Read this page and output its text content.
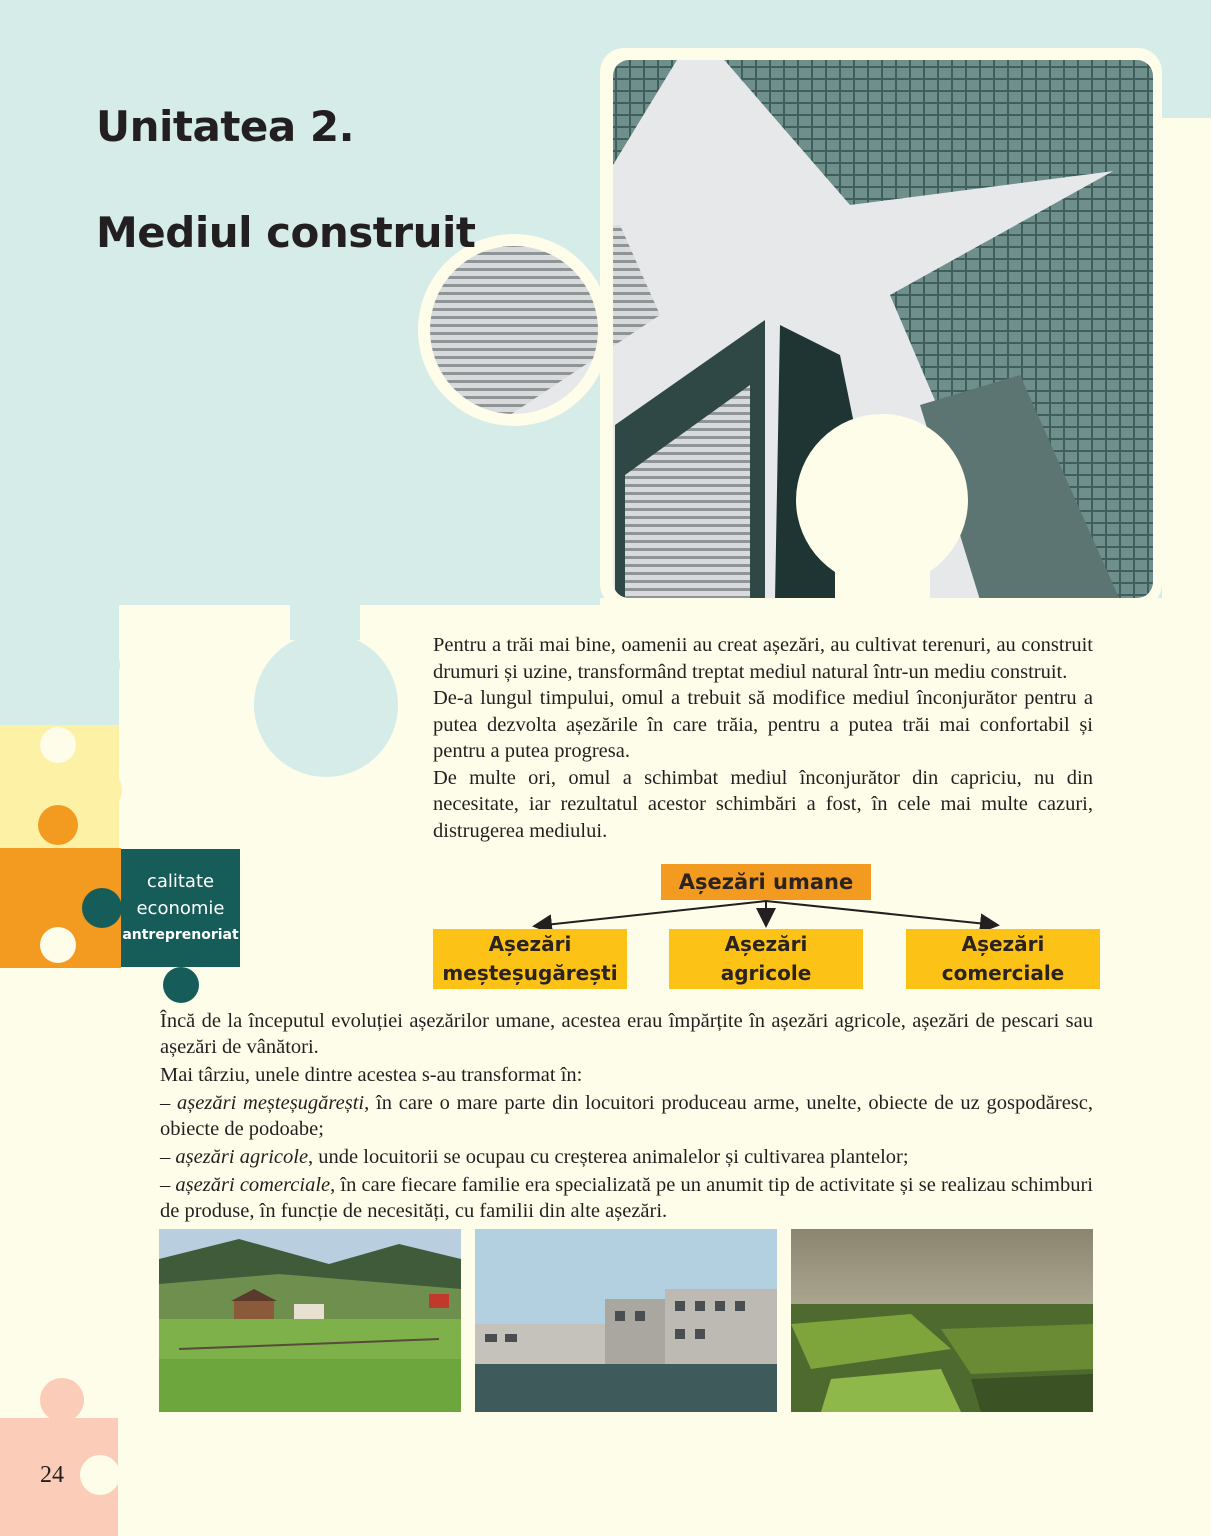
Unitatea 2.
Mediul construit

Pentru a trăi mai bine, oamenii au creat așezări, au cultivat terenuri, au construit drumuri și uzine, transformând treptat mediul natural într-un mediu construit.

De-a lungul timpului, omul a trebuit să modifice mediul înconjurător pentru a putea dezvolta așezările în care trăia, pentru a putea trăi mai confortabil și pentru a putea progresa.

De multe ori, omul a schimbat mediul înconjurător din capriciu, nu din necesitate, iar rezultatul acestor schimbări a fost, în cele mai multe cazuri, distrugerea mediului.

calitate
economie
antreprenoriat
Așezări umane
Așezări
meșteșugărești
Așezări
agricole
Așezări
comerciale

Încă de la începutul evoluției așezărilor umane, acestea erau împărțite în așezări agricole, așezări de pescari sau așezări de vânători.

Mai târziu, unele dintre acestea s-au transformat în:

– așezări meșteșugărești, în care o mare parte din locuitori produceau arme, unelte, obiecte de uz gospodăresc, obiecte de podoabe;

– așezări agricole, unde locuitorii se ocupau cu creșterea animalelor și cultivarea plantelor;

– așezări comerciale, în care fiecare familie era specializată pe un anumit tip de activitate și se realizau schimburi de produse, în funcție de necesități, cu familii din alte așezări.

24
